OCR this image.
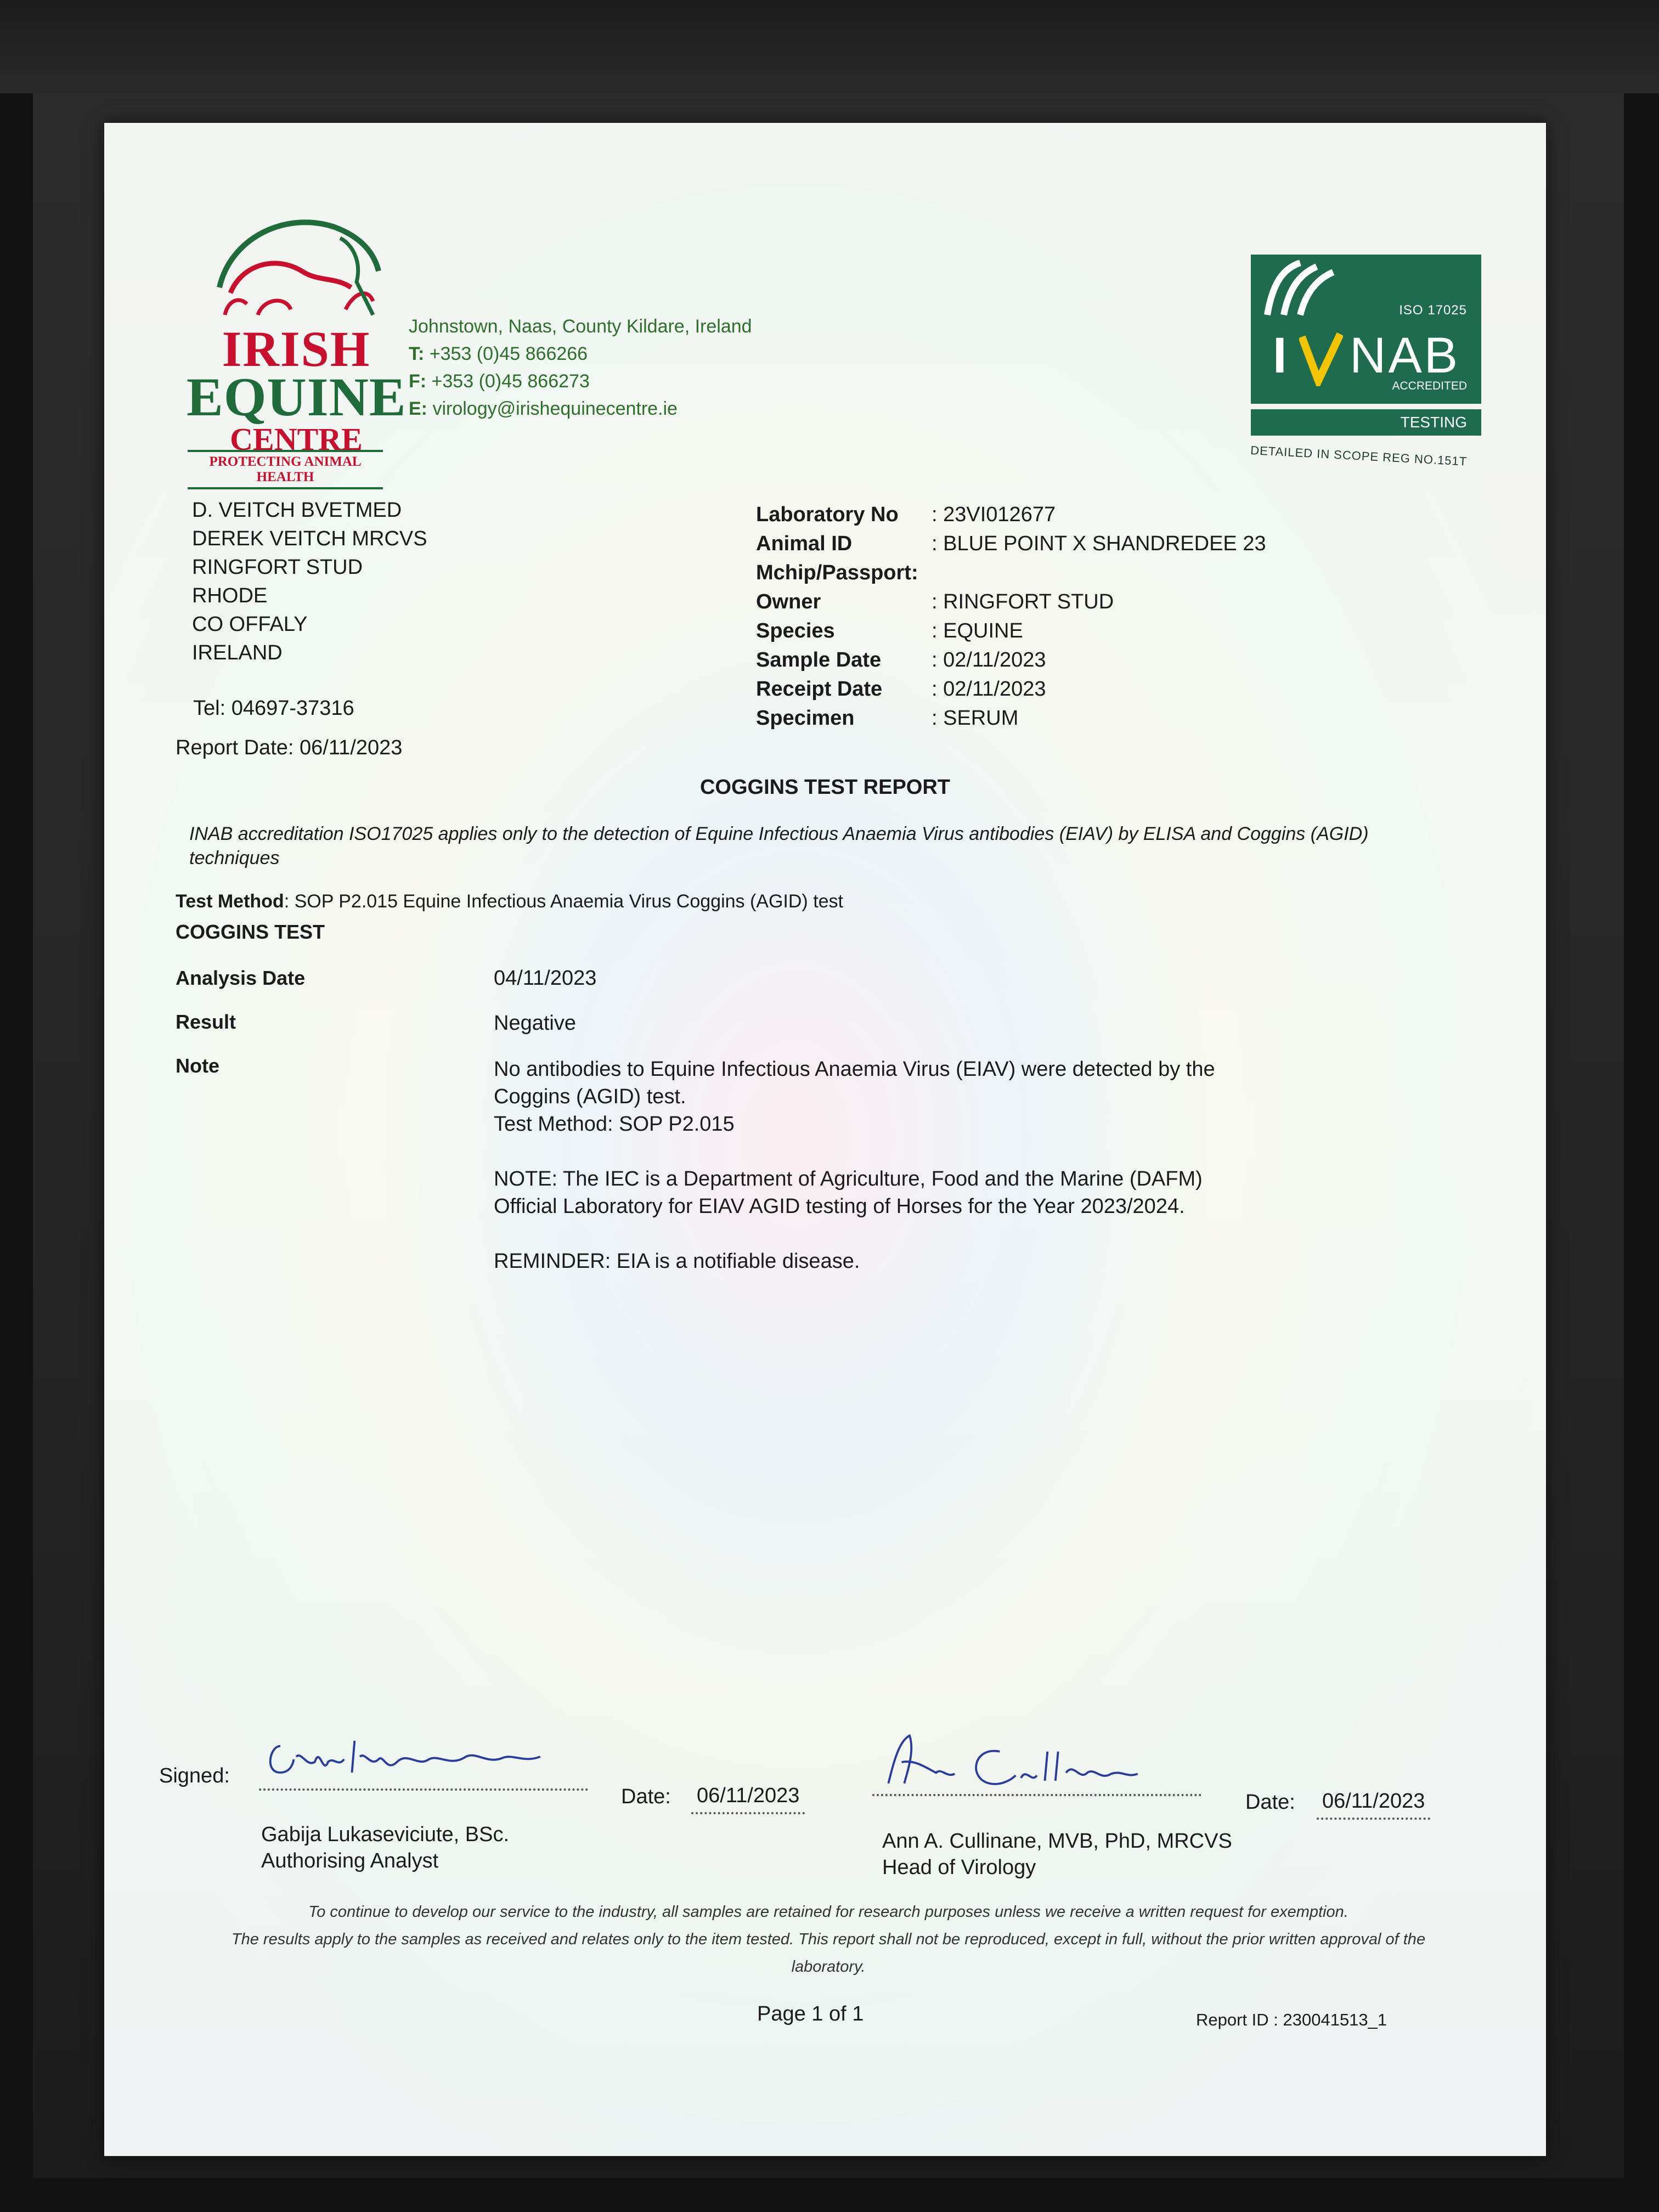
IRISH
EQUINE
CENTRE
PROTECTING ANIMAL HEALTH
Johnstown, Naas, County Kildare, Ireland
T: +353 (0)45 866266
F: +353 (0)45 866273
E: virology@irishequinecentre.ie
ISO 17025
I NAB
ACCREDITED
TESTING
DETAILED IN SCOPE REG NO.151T
D. VEITCH BVETMED
DEREK VEITCH MRCVS
RINGFORT STUD
RHODE
CO OFFALY
IRELAND
Tel: 04697-37316
Report Date: 06/11/2023
Laboratory No	: 23VI012677
Animal ID	: BLUE POINT X SHANDREDEE 23
Mchip/Passport:
Owner	: RINGFORT STUD
Species	: EQUINE
Sample Date	: 02/11/2023
Receipt Date	: 02/11/2023
Specimen	: SERUM
COGGINS TEST REPORT
INAB accreditation ISO17025 applies only to the detection of Equine Infectious Anaemia Virus antibodies (EIAV) by ELISA and Coggins (AGID) techniques
Test Method: SOP P2.015 Equine Infectious Anaemia Virus Coggins (AGID) test
COGGINS TEST
Analysis Date	04/11/2023
Result	Negative
Note	No antibodies to Equine Infectious Anaemia Virus (EIAV) were detected by the Coggins (AGID) test.

Test Method: SOP P2.015

NOTE: The IEC is a Department of Agriculture, Food and the Marine (DAFM) Official Laboratory for EIAV AGID testing of Horses for the Year 2023/2024.

REMINDER: EIA is a notifiable disease.

Signed:
Gabija Lukaseviciute, BSc.
Authorising Analyst
Date: 06/11/2023
Ann A. Cullinane, MVB, PhD, MRCVS
Head of Virology
Date: 06/11/2023
To continue to develop our service to the industry, all samples are retained for research purposes unless we receive a written request for exemption.
The results apply to the samples as received and relates only to the item tested. This report shall not be reproduced, except in full, without the prior written approval of the laboratory.
Page 1 of 1	Report ID : 230041513_1
